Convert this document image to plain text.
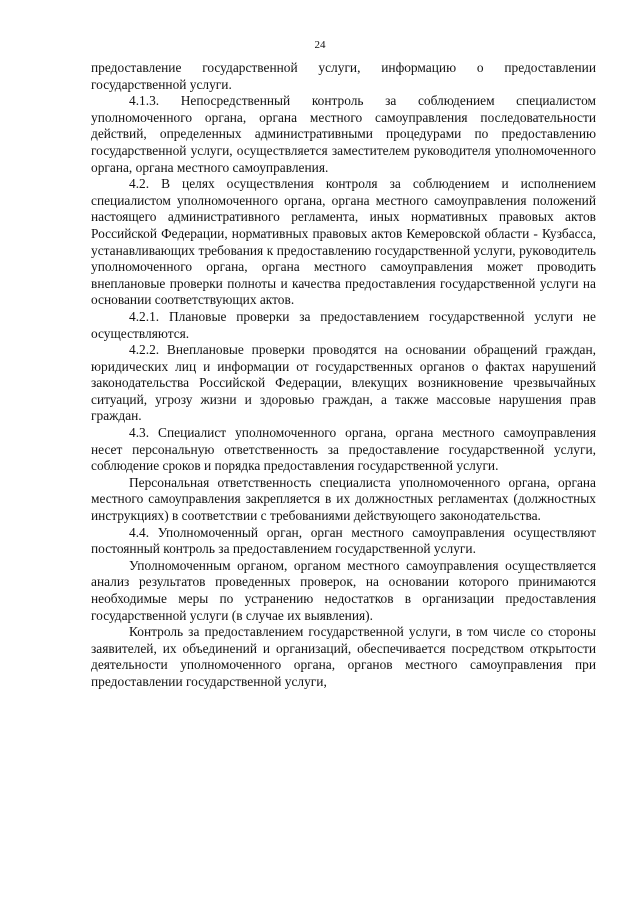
24

предоставление государственной услуги, информацию о предоставлении государственной услуги.

4.1.3. Непосредственный контроль за соблюдением специалистом уполномоченного органа, органа местного самоуправления последовательности действий, определенных административными процедурами по предоставлению государственной услуги, осуществляется заместителем руководителя уполномоченного органа, органа местного самоуправления.

4.2. В целях осуществления контроля за соблюдением и исполнением специалистом уполномоченного органа, органа местного самоуправления положений настоящего административного регламента, иных нормативных правовых актов Российской Федерации, нормативных правовых актов Кемеровской области - Кузбасса, устанавливающих требования к предоставлению государственной услуги, руководитель уполномоченного органа, органа местного самоуправления может проводить внеплановые проверки полноты и качества предоставления государственной услуги на основании соответствующих актов.

4.2.1. Плановые проверки за предоставлением государственной услуги не осуществляются.

4.2.2. Внеплановые проверки проводятся на основании обращений граждан, юридических лиц и информации от государственных органов о фактах нарушений законодательства Российской Федерации, влекущих возникновение чрезвычайных ситуаций, угрозу жизни и здоровью граждан, а также массовые нарушения прав граждан.

4.3. Специалист уполномоченного органа, органа местного самоуправления несет персональную ответственность за предоставление государственной услуги, соблюдение сроков и порядка предоставления государственной услуги.

Персональная ответственность специалиста уполномоченного органа, органа местного самоуправления закрепляется в их должностных регламентах (должностных инструкциях) в соответствии с требованиями действующего законодательства.

4.4. Уполномоченный орган, орган местного самоуправления осуществляют постоянный контроль за предоставлением государственной услуги.

Уполномоченным органом, органом местного самоуправления осуществляется анализ результатов проведенных проверок, на основании которого принимаются необходимые меры по устранению недостатков в организации предоставления государственной услуги (в случае их выявления).

Контроль за предоставлением государственной услуги, в том числе со стороны заявителей, их объединений и организаций, обеспечивается посредством открытости деятельности уполномоченного органа, органов местного самоуправления при предоставлении государственной услуги,
